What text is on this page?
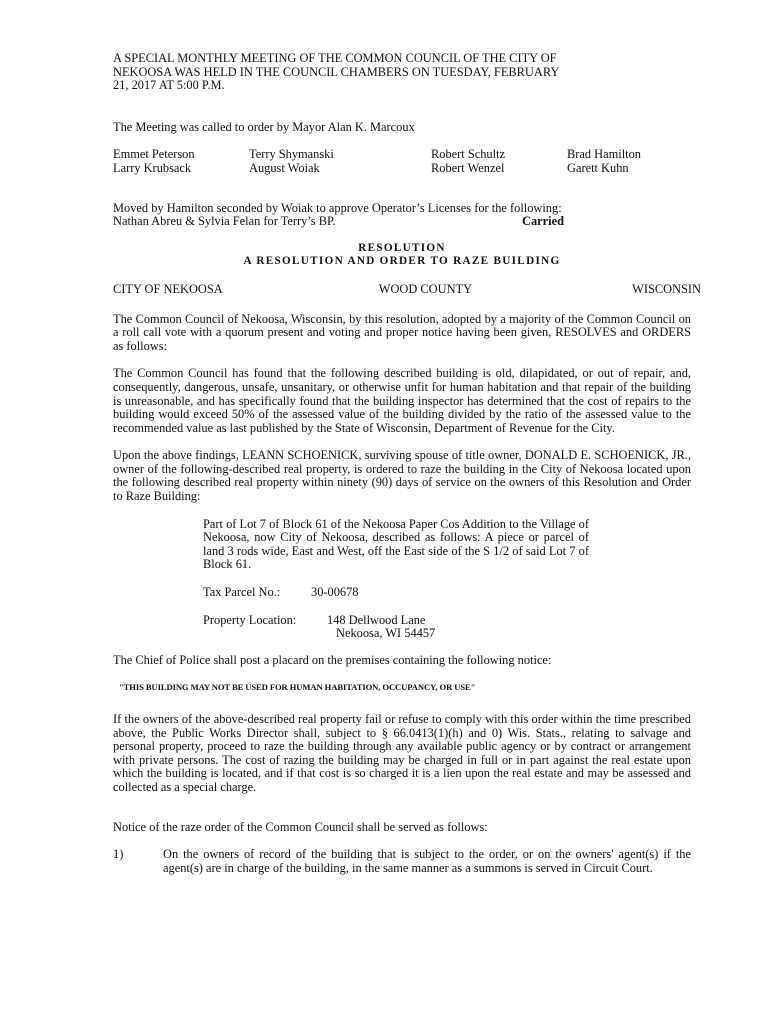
A SPECIAL MONTHLY MEETING OF THE COMMON COUNCIL OF THE CITY OF
NEKOOSA WAS HELD IN THE COUNCIL CHAMBERS ON TUESDAY, FEBRUARY
21, 2017 AT 5:00 P.M.

The Meeting was called to order by Mayor Alan K. Marcoux

Emmet Peterson	Terry Shymanski	Robert Schultz	Brad Hamilton
Larry Krubsack	August Woiak	Robert Wenzel	Garett Kuhn

Moved by Hamilton seconded by Woiak to approve Operator’s Licenses for the following:

Nathan Abreu & Sylvia Felan for Terry’s BP.	Carried

RESOLUTION

A RESOLUTION AND ORDER TO RAZE BUILDING

CITY OF NEKOOSA	WOOD COUNTY	WISCONSIN

The Common Council of Nekoosa, Wisconsin, by this resolution, adopted by a majority of the Common Council on a roll call vote with a quorum present and voting and proper notice having been given, RESOLVES and ORDERS as follows:

The Common Council has found that the following described building is old, dilapidated, or out of repair, and, consequently, dangerous, unsafe, unsanitary, or otherwise unfit for human habitation and that repair of the building is unreasonable, and has specifically found that the building inspector has determined that the cost of repairs to the building would exceed 50% of the assessed value of the building divided by the ratio of the assessed value to the recommended value as last published by the State of Wisconsin, Department of Revenue for the City.

Upon the above findings, LEANN SCHOENICK, surviving spouse of title owner, DONALD E. SCHOENICK, JR., owner of the following-described real property, is ordered to raze the building in the City of Nekoosa located upon the following described real property within ninety (90) days of service on the owners of this Resolution and Order to Raze Building:

Part of Lot 7 of Block 61 of the Nekoosa Paper Cos Addition to the Village of Nekoosa, now City of Nekoosa, described as follows: A piece or parcel of land 3 rods wide, East and West, off the East side of the S 1/2 of said Lot 7 of Block 61.

Tax Parcel No.:	30-00678
Property Location:	148 Dellwood Lane
Nekoosa, WI 54457

The Chief of Police shall post a placard on the premises containing the following notice:

"THIS BUILDING MAY NOT BE USED FOR HUMAN HABITATION, OCCUPANCY, OR USE"

If the owners of the above-described real property fail or refuse to comply with this order within the time prescribed above, the Public Works Director shall, subject to § 66.0413(1)(h) and 0) Wis. Stats., relating to salvage and personal property, proceed to raze the building through any available public agency or by contract or arrangement with private persons. The cost of razing the building may be charged in full or in part against the real estate upon which the building is located, and if that cost is so charged it is a lien upon the real estate and may be assessed and collected as a special charge.

Notice of the raze order of the Common Council shall be served as follows:

1)	On the owners of record of the building that is subject to the order, or on the owners' agent(s) if the agent(s) are in charge of the building, in the same manner as a summons is served in Circuit Court.
